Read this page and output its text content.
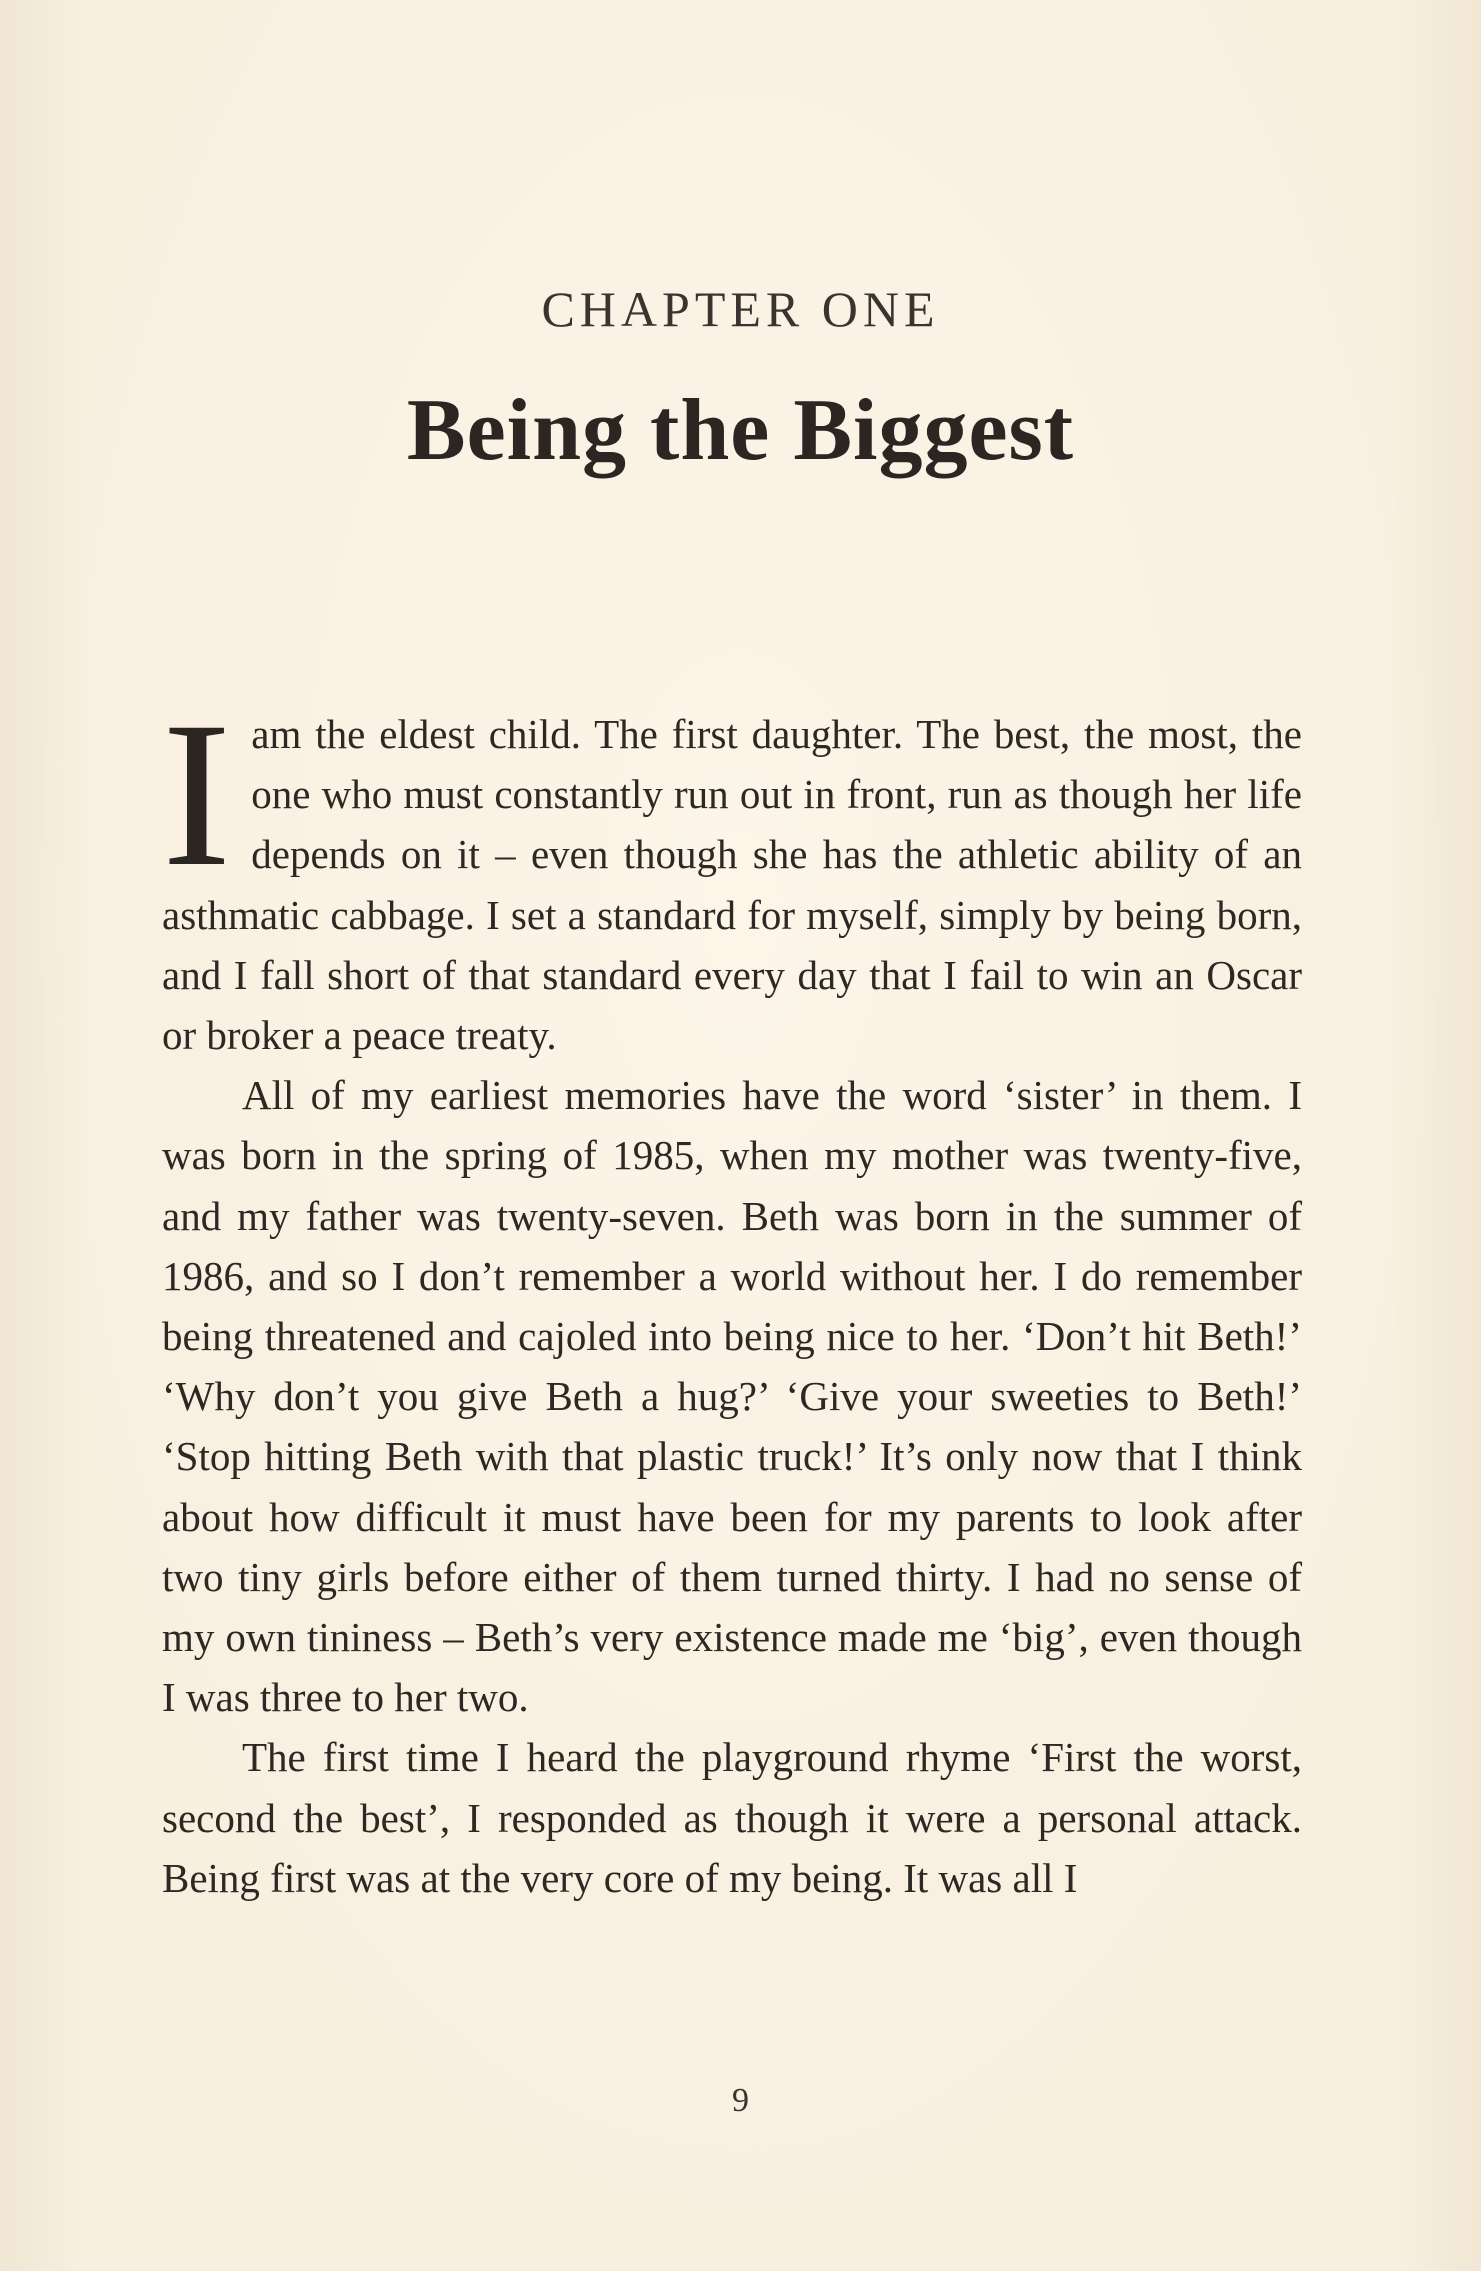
CHAPTER ONE
Being the Biggest

I am the eldest child. The first daughter. The best, the most, the one who must constantly run out in front, run as though her life depends on it – even though she has the athletic ability of an asthmatic cabbage. I set a standard for myself, simply by being born, and I fall short of that standard every day that I fail to win an Oscar or broker a peace treaty.

All of my earliest memories have the word ‘sister’ in them. I was born in the spring of 1985, when my mother was twenty-five, and my father was twenty-seven. Beth was born in the summer of 1986, and so I don’t remember a world without her. I do remember being threatened and cajoled into being nice to her. ‘Don’t hit Beth!’ ‘Why don’t you give Beth a hug?’ ‘Give your sweeties to Beth!’ ‘Stop hitting Beth with that plastic truck!’ It’s only now that I think about how difficult it must have been for my parents to look after two tiny girls before either of them turned thirty. I had no sense of my own tininess – Beth’s very existence made me ‘big’, even though I was three to her two.

The first time I heard the playground rhyme ‘First the worst, second the best’, I responded as though it were a personal attack. Being first was at the very core of my being. It was all I

9
